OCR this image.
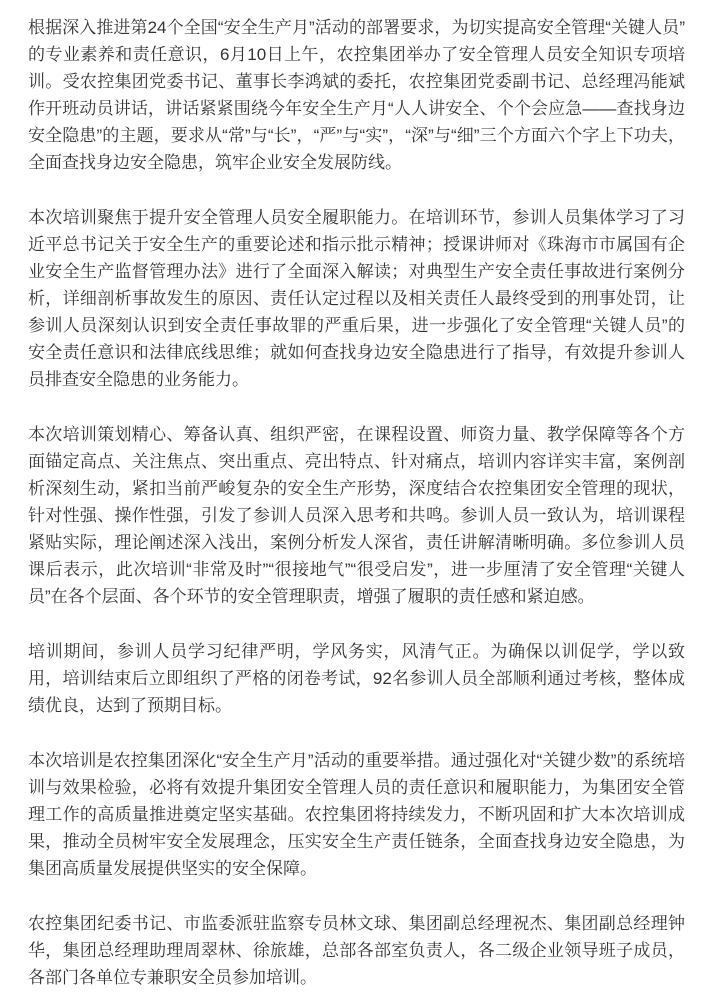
根据深入推进第24个全国“安全生产月”活动的部署要求，为切实提高安全管理“关键人员”的专业素养和责任意识，6月10日上午，农控集团举办了安全管理人员安全知识专项培训。受农控集团党委书记、董事长李鸿斌的委托，农控集团党委副书记、总经理冯能斌作开班动员讲话，讲话紧紧围绕今年安全生产月“人人讲安全、个个会应急——查找身边安全隐患”的主题，要求从“常”与“长”，“严”与“实”，“深”与“细”三个方面六个字上下功夫，全面查找身边安全隐患，筑牢企业安全发展防线。

本次培训聚焦于提升安全管理人员安全履职能力。在培训环节，参训人员集体学习了习近平总书记关于安全生产的重要论述和指示批示精神；授课讲师对《珠海市市属国有企业安全生产监督管理办法》进行了全面深入解读；对典型生产安全责任事故进行案例分析，详细剖析事故发生的原因、责任认定过程以及相关责任人最终受到的刑事处罚，让参训人员深刻认识到安全责任事故罪的严重后果，进一步强化了安全管理“关键人员”的安全责任意识和法律底线思维；就如何查找身边安全隐患进行了指导，有效提升参训人员排查安全隐患的业务能力。

本次培训策划精心、筹备认真、组织严密，在课程设置、师资力量、教学保障等各个方面锚定高点、关注焦点、突出重点、亮出特点、针对痛点，培训内容详实丰富，案例剖析深刻生动，紧扣当前严峻复杂的安全生产形势，深度结合农控集团安全管理的现状，针对性强、操作性强，引发了参训人员深入思考和共鸣。参训人员一致认为，培训课程紧贴实际，理论阐述深入浅出，案例分析发人深省，责任讲解清晰明确。多位参训人员课后表示，此次培训“非常及时”“很接地气”“很受启发”，进一步厘清了安全管理“关键人员”在各个层面、各个环节的安全管理职责，增强了履职的责任感和紧迫感。

培训期间，参训人员学习纪律严明，学风务实，风清气正。为确保以训促学，学以致用，培训结束后立即组织了严格的闭卷考试，92名参训人员全部顺利通过考核，整体成绩优良，达到了预期目标。

本次培训是农控集团深化“安全生产月”活动的重要举措。通过强化对“关键少数”的系统培训与效果检验，必将有效提升集团安全管理人员的责任意识和履职能力，为集团安全管理工作的高质量推进奠定坚实基础。农控集团将持续发力，不断巩固和扩大本次培训成果，推动全员树牢安全发展理念，压实安全生产责任链条，全面查找身边安全隐患，为集团高质量发展提供坚实的安全保障。

农控集团纪委书记、市监委派驻监察专员林文球、集团副总经理祝杰、集团副总经理钟华，集团总经理助理周翠林、徐旅雄，总部各部室负责人，各二级企业领导班子成员，各部门各单位专兼职安全员参加培训。
